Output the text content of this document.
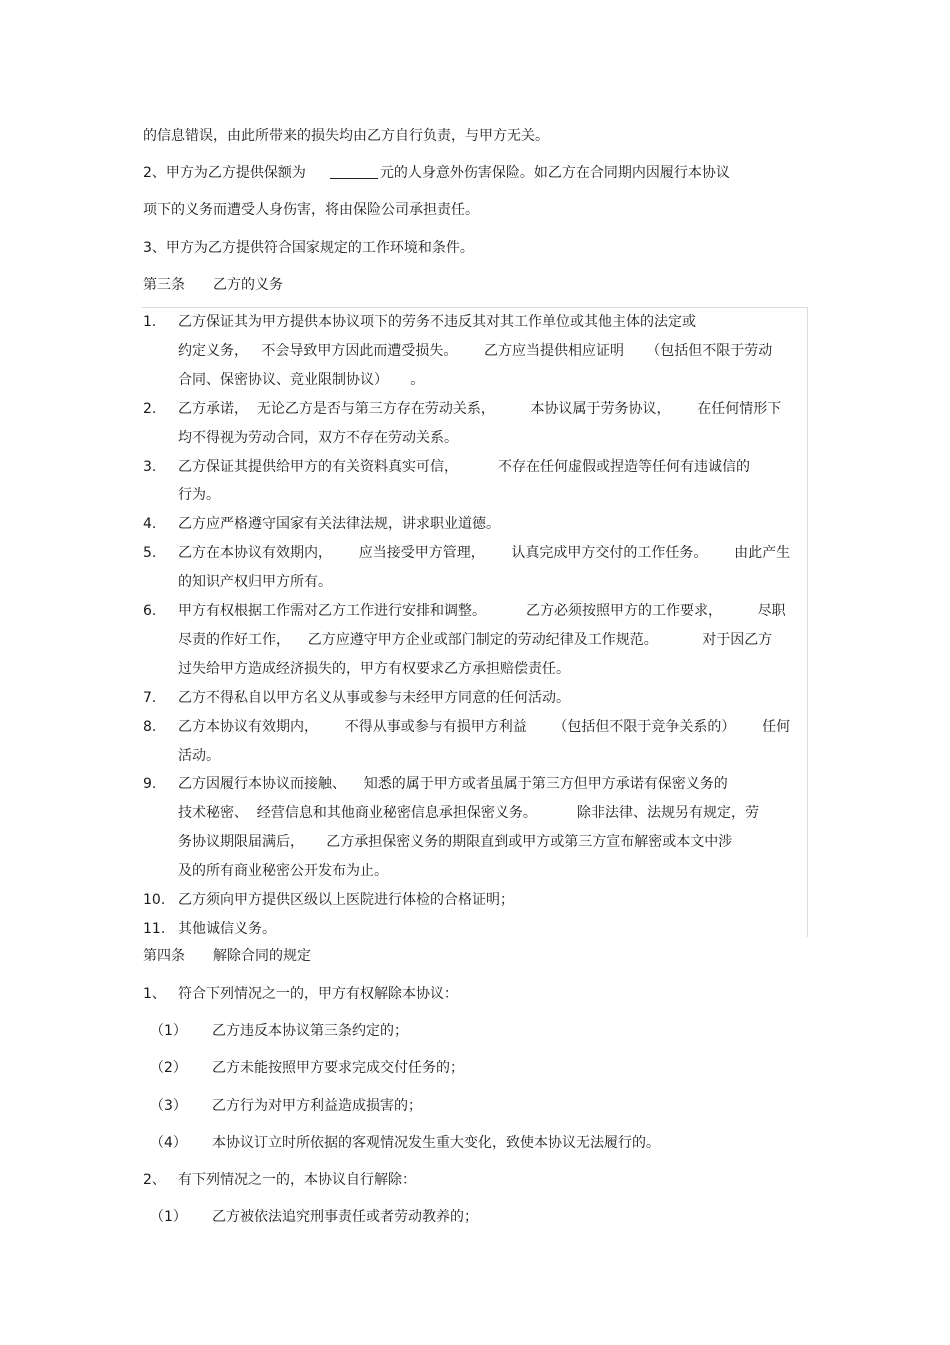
的信息错误，由此所带来的损失均由乙方自行负责，与甲方无关。
2、甲方为乙方提供保额为	元的人身意外伤害保险。如乙方在合同期内因履行本协议
项下的义务而遭受人身伤害，将由保险公司承担责任。
3、甲方为乙方提供符合国家规定的工作环境和条件。
第三条 乙方的义务
1. 乙方保证其为甲方提供本协议项下的劳务不违反其对其工作单位或其他主体的法定或
约定义务，   不会导致甲方因此而遭受损失。      乙方应当提供相应证明     （包括但不限于劳动
合同、保密协议、竞业限制协议）     。
2. 乙方承诺，  无论乙方是否与第三方存在劳动关系，        本协议属于劳务协议，      在任何情形下
均不得视为劳动合同，双方不存在劳动关系。
3. 乙方保证其提供给甲方的有关资料真实可信，         不存在任何虚假或捏造等任何有违诚信的
行为。
4. 乙方应严格遵守国家有关法律法规，讲求职业道德。
5. 乙方在本协议有效期内，      应当接受甲方管理，      认真完成甲方交付的工作任务。      由此产生
的知识产权归甲方所有。
6. 甲方有权根据工作需对乙方工作进行安排和调整。         乙方必须按照甲方的工作要求，        尽职
尽责的作好工作，    乙方应遵守甲方企业或部门制定的劳动纪律及工作规范。          对于因乙方
过失给甲方造成经济损失的，甲方有权要求乙方承担赔偿责任。
7. 乙方不得私自以甲方名义从事或参与未经甲方同意的任何活动。
8. 乙方本协议有效期内，      不得从事或参与有损甲方利益      （包括但不限于竞争关系的）      任何
活动。
9. 乙方因履行本协议而接触、    知悉的属于甲方或者虽属于第三方但甲方承诺有保密义务的
技术秘密、  经营信息和其他商业秘密信息承担保密义务。         除非法律、法规另有规定，劳
务协议期限届满后，     乙方承担保密义务的期限直到或甲方或第三方宣布解密或本文中涉
及的所有商业秘密公开发布为止。
10. 乙方须向甲方提供区级以上医院进行体检的合格证明；
11. 其他诚信义务。
第四条 解除合同的规定
1、 符合下列情况之一的，甲方有权解除本协议：
（1） 乙方违反本协议第三条约定的；
（2） 乙方未能按照甲方要求完成交付任务的；
（3） 乙方行为对甲方利益造成损害的；
（4） 本协议订立时所依据的客观情况发生重大变化，致使本协议无法履行的。
2、 有下列情况之一的，本协议自行解除：
（1） 乙方被依法追究刑事责任或者劳动教养的；
